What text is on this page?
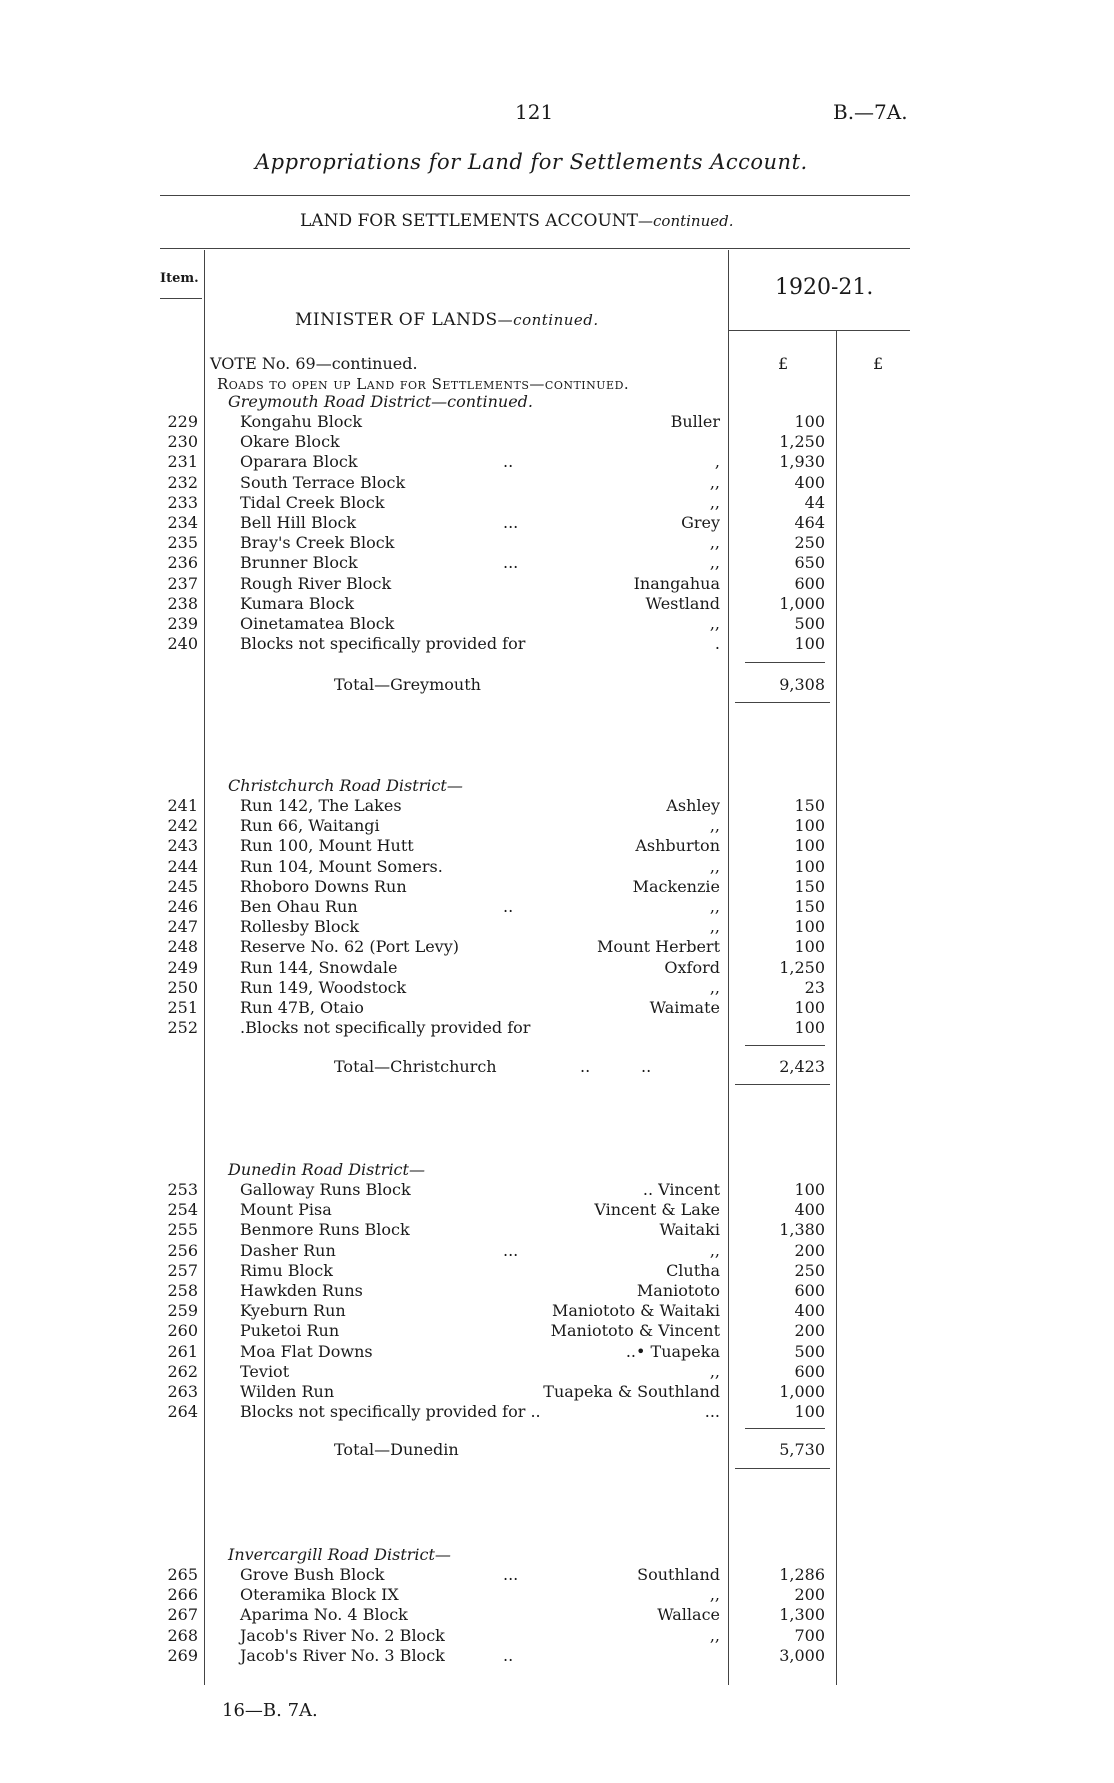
121	B.—7A.
Appropriations for Land for Settlements Account.
LAND FOR SETTLEMENTS ACCOUNT—continued.
Item.	1920-21.
MINISTER OF LANDS—continued.
VOTE No. 69—continued.
Roads to open up Land for Settlements—continued.
£	£
Greymouth Road District—continued.
229	Kongahu Block	Buller	100
230	Okare Block	1,250
231	Oparara Block	..	,	1,930
232	South Terrace Block	,,	400
233	Tidal Creek Block	,,	44
234	Bell Hill Block	...	Grey	464
235	Bray's Creek Block	,,	250
236	Brunner Block	...	,,	650
237	Rough River Block	Inangahua	600
238	Kumara Block	Westland	1,000
239	Oinetamatea Block	,,	500
240	Blocks not specifically provided for	.	100
Total—Greymouth	9,308
Christchurch Road District—
241	Run 142, The Lakes	Ashley	150
242	Run 66, Waitangi	,,	100
243	Run 100, Mount Hutt	Ashburton	100
244	Run 104, Mount Somers.	,,	100
245	Rhoboro Downs Run	Mackenzie	150
246	Ben Ohau Run	..	,,	150
247	Rollesby Block	,,	100
248	Reserve No. 62 (Port Levy)	Mount Herbert	100
249	Run 144, Snowdale	Oxford	1,250
250	Run 149, Woodstock	,,	23
251	Run 47B, Otaio	Waimate	100
252	.Blocks not specifically provided for	100
Total—Christchurch	..          ..	2,423
Dunedin Road District—
253	Galloway Runs Block	.. Vincent	100
254	Mount Pisa	Vincent & Lake	400
255	Benmore Runs Block	Waitaki	1,380
256	Dasher Run	...	,,	200
257	Rimu Block	Clutha	250
258	Hawkden Runs	Maniototo	600
259	Kyeburn Run	Maniototo & Waitaki	400
260	Puketoi Run	Maniototo & Vincent	200
261	Moa Flat Downs	..• Tuapeka	500
262	Teviot	,,	600
263	Wilden Run	Tuapeka & Southland	1,000
264	Blocks not specifically provided for ..	...	100
Total—Dunedin	5,730
Invercargill Road District—
265	Grove Bush Block	...	Southland	1,286
266	Oteramika Block IX	,,	200
267	Aparima No. 4 Block	Wallace	1,300
268	Jacob's River No. 2 Block	,,	700
269	Jacob's River No. 3 Block	..	3,000
16—B. 7A.
